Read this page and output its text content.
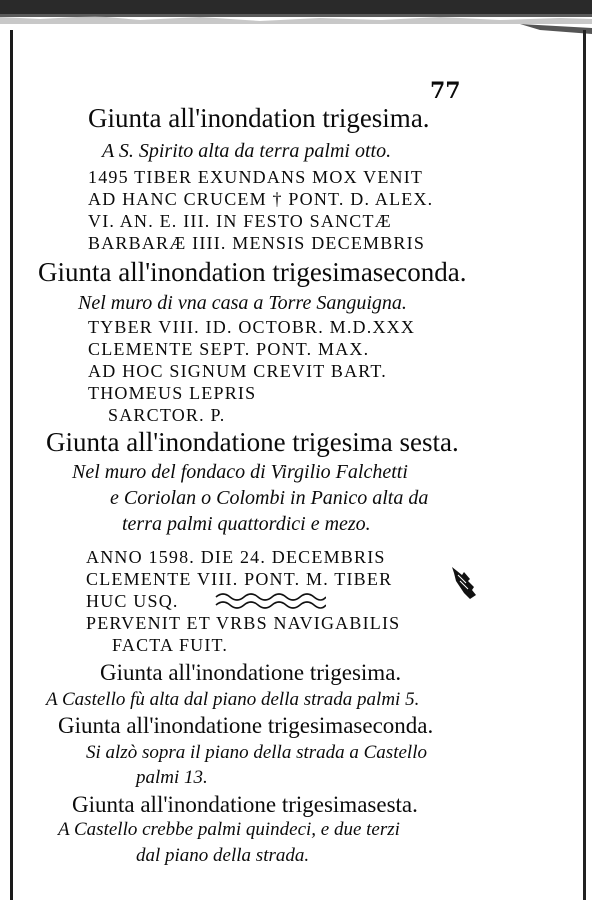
77
Giunta all'inondation trigesima.
A S. Spirito alta da terra palmi otto.
1495 TIBER EXUNDANS MOX VENIT
AD HANC CRUCEM † PONT. D. ALEX.
VI. AN. E. III. IN FESTO SANCTÆ
BARBARÆ IIII. MENSIS DECEMBRIS
Giunta all'inondation trigesimaseconda.
Nel muro di vna casa a Torre Sanguigna.
TYBER VIII. ID. OCTOBR. M.D.XXX
CLEMENTE SEPT. PONT. MAX.
AD HOC SIGNUM CREVIT BART.
THOMEUS LEPRIS
SARCTOR. P.
Giunta all'inondatione trigesima sesta.
Nel muro del fondaco di Virgilio Falchetti
e Coriolan o Colombi in Panico alta da
terra palmi quattordici e mezo.
ANNO 1598. DIE 24. DECEMBRIS
CLEMENTE VIII. PONT. M. TIBER
HUC USQ.
PERVENIT ET VRBS NAVIGABILIS
FACTA FUIT.
Giunta all'inondatione trigesima.
A Castello fù alta dal piano della strada palmi 5.
Giunta all'inondatione trigesimaseconda.
Si alzò sopra il piano della strada a Castello
palmi 13.
Giunta all'inondatione trigesimasesta.
A Castello crebbe palmi quindeci, e due terzi
dal piano della strada.
